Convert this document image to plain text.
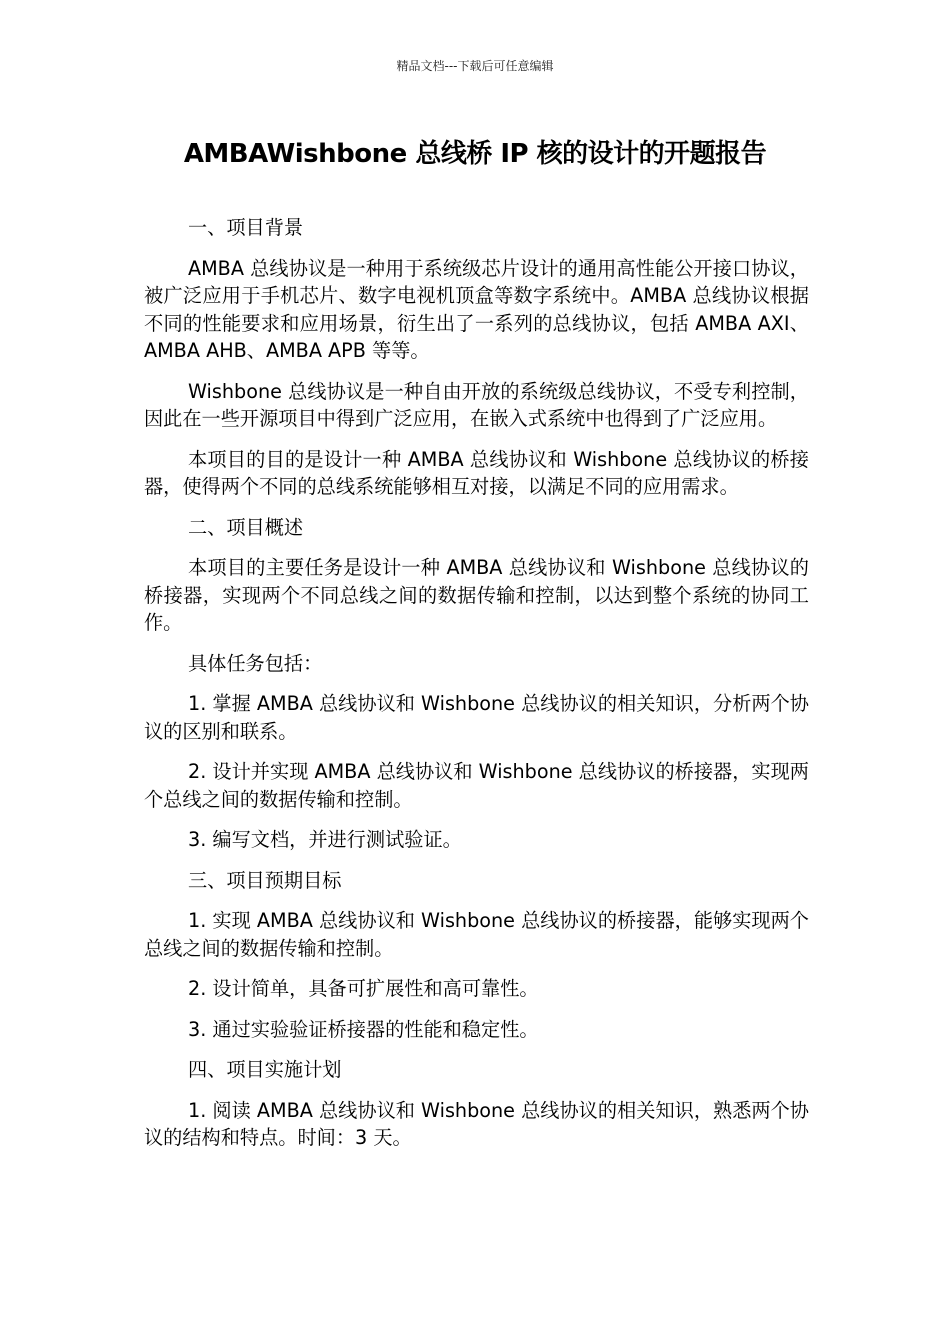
精品文档---下载后可任意编辑
AMBAWishbone 总线桥 IP 核的设计的开题报告

一、项目背景

AMBA 总线协议是一种用于系统级芯片设计的通用高性能公开接口协议，被广泛应用于手机芯片、数字电视机顶盒等数字系统中。AMBA 总线协议根据不同的性能要求和应用场景，衍生出了一系列的总线协议，包括 AMBA AXI、AMBA AHB、AMBA APB 等等。

Wishbone 总线协议是一种自由开放的系统级总线协议，不受专利控制，因此在一些开源项目中得到广泛应用，在嵌入式系统中也得到了广泛应用。

本项目的目的是设计一种 AMBA 总线协议和 Wishbone 总线协议的桥接器，使得两个不同的总线系统能够相互对接，以满足不同的应用需求。

二、项目概述

本项目的主要任务是设计一种 AMBA 总线协议和 Wishbone 总线协议的桥接器，实现两个不同总线之间的数据传输和控制，以达到整个系统的协同工作。

具体任务包括：

1. 掌握 AMBA 总线协议和 Wishbone 总线协议的相关知识，分析两个协议的区别和联系。

2. 设计并实现 AMBA 总线协议和 Wishbone 总线协议的桥接器，实现两个总线之间的数据传输和控制。

3. 编写文档，并进行测试验证。

三、项目预期目标

1. 实现 AMBA 总线协议和 Wishbone 总线协议的桥接器，能够实现两个总线之间的数据传输和控制。

2. 设计简单，具备可扩展性和高可靠性。

3. 通过实验验证桥接器的性能和稳定性。

四、项目实施计划

1. 阅读 AMBA 总线协议和 Wishbone 总线协议的相关知识，熟悉两个协议的结构和特点。时间：3 天。
